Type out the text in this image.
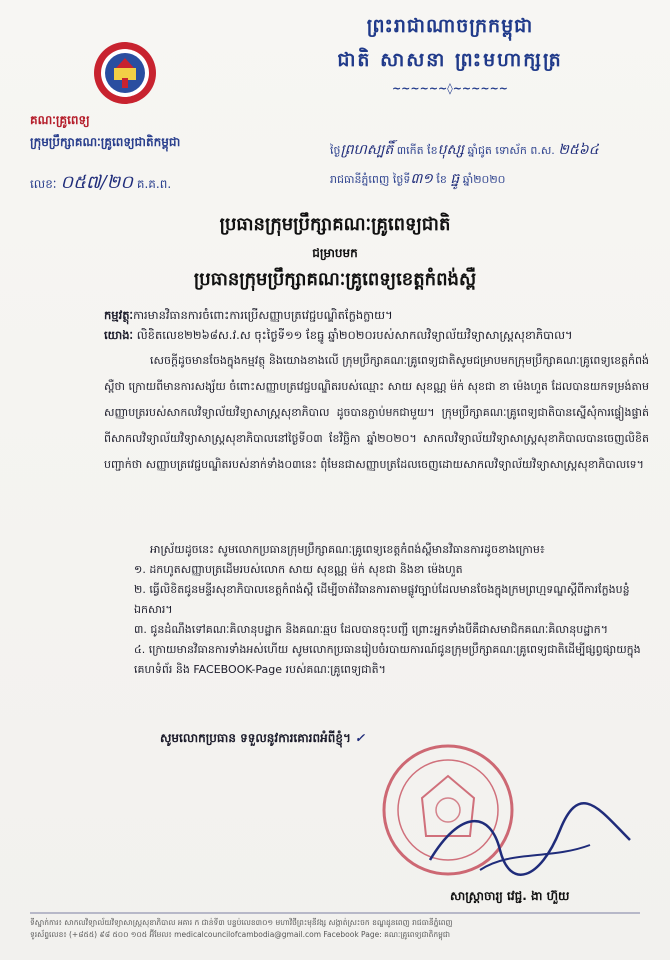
ព្រះរាជាណាចក្រកម្ពុជា
ជាតិ សាសនា ព្រះមហាក្សត្រ
~~~~~~◊~~~~~~
គណៈគ្រូពេទ្យ
ក្រុមប្រឹក្សាគណៈគ្រូពេទ្យជាតិកម្ពុជា
លេខៈ ០៥៧/២០ គ.គ.ព.
ថ្ងៃព្រហស្បតិ៍ ៣កើត ខែបុស្ស ឆ្នាំជូត ទោស័ក ព.ស. ២៥៦៤
រាជធានីភ្នំពេញ ថ្ងៃទី៣១ ខែ ធ្នូ ឆ្នាំ២០២០
ប្រធានក្រុមប្រឹក្សាគណៈគ្រូពេទ្យជាតិ
ជម្រាបមក
ប្រធានក្រុមប្រឹក្សាគណៈគ្រូពេទ្យខេត្តកំពង់ស្ពឺ
កម្មវត្ថុៈការមានវិធានការចំពោះការប្រើសញ្ញាបត្រវេជ្ជបណ្ឌិតក្លែងក្លាយ។
យោងៈ លិខិតលេខ២២៦៨ស.វ.ស ចុះថ្ងៃទី១១ ខែធ្នូ ឆ្នាំ២០២០របស់សាកលវិទ្យាល័យវិទ្យាសាស្ត្រសុខាភិបាល។
សេចក្តីដូចមានចែងក្នុងកម្មវត្ថុ និងយោងខាងលើ ក្រុមប្រឹក្សាគណៈគ្រូពេទ្យជាតិសូមជម្រាបមកក្រុមប្រឹក្សាគណៈគ្រូពេទ្យខេត្តកំពង់ស្ពឺថា ក្រោយពីមានការសង្ស័យ ចំពោះសញ្ញាបត្រវេជ្ជបណ្ឌិតរបស់ឈ្មោះ សាយ សុខណ្ណ ម៉ក់ សុខជា ខា ម៉េងហួត ដែលបានយកទម្រង់តាមសញ្ញាបត្ររបស់សាកលវិទ្យាល័យវិទ្យាសាស្ត្រសុខាភិបាល ដូចបានភ្ជាប់មកជាមួយ។ ក្រុមប្រឹក្សាគណៈគ្រូពេទ្យជាតិបានស្នើសុំការផ្ទៀងផ្ទាត់ពីសាកលវិទ្យាល័យវិទ្យាសាស្ត្រសុខាភិបាលនៅថ្ងៃទី០៣ ខែវិច្ឆិកា ឆ្នាំ២០២០។ សាកលវិទ្យាល័យវិទ្យាសាស្ត្រសុខាភិបាលបានចេញលិខិតបញ្ជាក់ថា សញ្ញាបត្រវេជ្ជបណ្ឌិតរបស់នាក់ទាំង០៣នេះ ពុំមែនជាសញ្ញាបត្រដែលចេញដោយសាកលវិទ្យាល័យវិទ្យាសាស្ត្រសុខាភិបាលទេ។
អាស្រ័យដូចនេះ សូមលោកប្រធានក្រុមប្រឹក្សាគណៈគ្រូពេទ្យខេត្តកំពង់ស្ពឺមានវិធានការដូចខាងក្រោម៖
១. ដកហូតសញ្ញាបត្រដើមរបស់លោក សាយ សុខណ្ណ ម៉ក់ សុខជា និងខា ម៉េងហួត
២. ធ្វើលិខិតជូនមន្ទីរសុខាភិបាលខេត្តកំពង់ស្ពឺ ដើម្បីចាត់វិធានការតាមផ្លូវច្បាប់ដែលមានចែងក្នុងក្រមព្រហ្មទណ្ឌស្តីពីការក្លែងបន្លំឯកសារ។
៣. ជូនដំណឹងទៅគណៈគិលានុបដ្ឋាក និងគណៈឆ្មប ដែលបានចុះបញ្ជី ព្រោះអ្នកទាំងបីគឺជាសមាជិកគណៈគិលានុបដ្ឋាក។
៤. ក្រោយមានវិធានការទាំងអស់ហើយ សូមលោកប្រធានរៀបចំរបាយការណ៍ជូនក្រុមប្រឹក្សាគណៈគ្រូពេទ្យជាតិដើម្បីផ្សព្វផ្សាយក្នុងគេហទំព័រ និង FACEBOOK-Page របស់គណៈគ្រូពេទ្យជាតិ។
សូមលោកប្រធាន ទទួលនូវការគោរពអំពីខ្ញុំ។ ✓
សាស្ត្រាចារ្យ វេជ្ជ. ងា ហ៊ួយ
ទីស្នាក់ការ៖ សាកលវិទ្យាល័យវិទ្យាសាស្ត្រសុខាភិបាល អគារ ក ជាន់ទី៣ បន្ទប់លេខ៣០១ មហាវិថីព្រះមុនីវង្ស សង្កាត់ស្រះចក ខណ្ឌដូនពេញ រាជធានីភ្នំពេញ
ទូរស័ព្ទលេខ៖ (+៨៥៥) ៩៨ ៥០០ ១០៥ អ៊ីមែល៖ medicalcouncilofcambodia@gmail.com Facebook Page: គណៈគ្រូពេទ្យជាតិកម្ពុជា
